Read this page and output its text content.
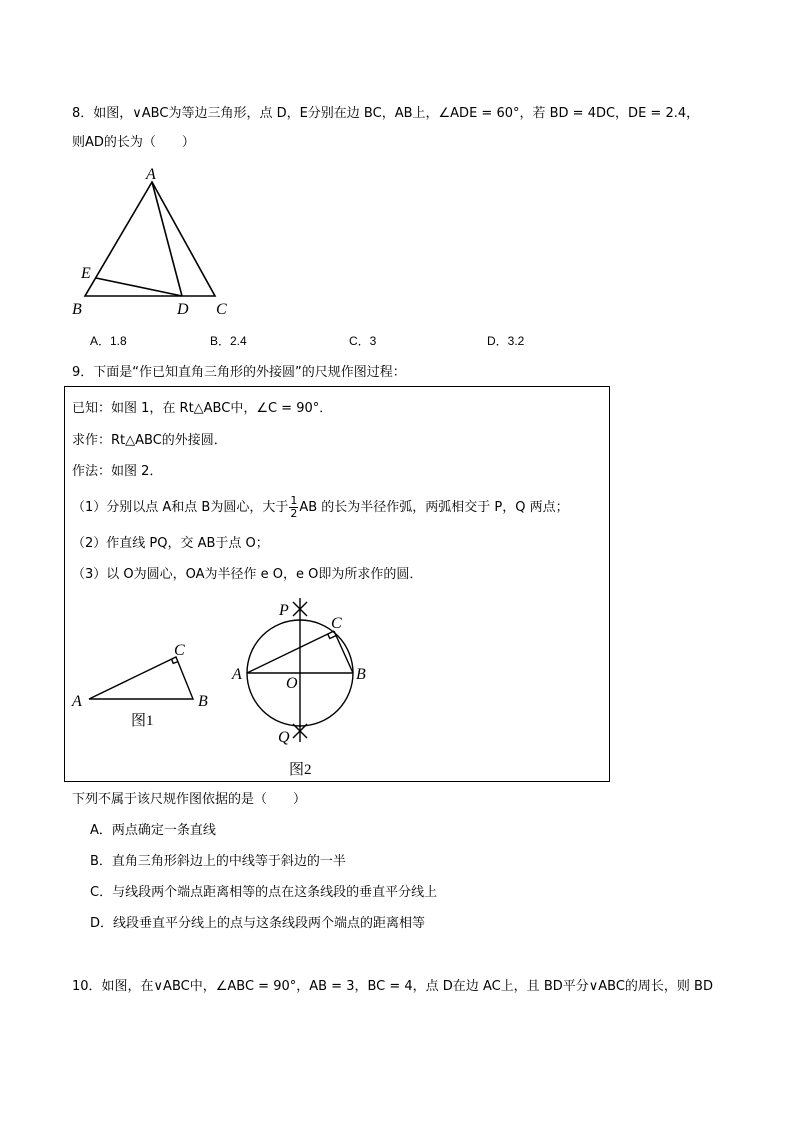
8．如图，∨ABC为等边三角形，点 D，E分别在边 BC，AB上，∠ADE = 60°，若 BD = 4DC，DE = 2.4，
则AD的长为（　　）
A
E
B	D C
A．1.8	B．2.4	C．3	D．3.2
9．下面是“作已知直角三角形的外接圆”的尺规作图过程：
已知：如图 1，在 Rt△ABC中，∠C = 90°．
求作：Rt△ABC的外接圆．
作法：如图 2．
（1）分别以点 A和点 B为圆心，大于 $\frac{1}{2}$ AB 的长为半径作弧，两弧相交于 P，Q 两点；
（2）作直线 PQ，交 AB于点 O；
（3）以 O为圆心，OA为半径作 e O，e O即为所求作的圆．
A	B
C
图1
P
C
A
O
B
Q
图2
下列不属于该尺规作图依据的是（　　）
A．两点确定一条直线
B．直角三角形斜边上的中线等于斜边的一半
C．与线段两个端点距离相等的点在这条线段的垂直平分线上
D．线段垂直平分线上的点与这条线段两个端点的距离相等
10．如图，在∨ABC中，∠ABC = 90°，AB = 3，BC = 4，点 D在边 AC上，且 BD平分∨ABC的周长，则 BD
